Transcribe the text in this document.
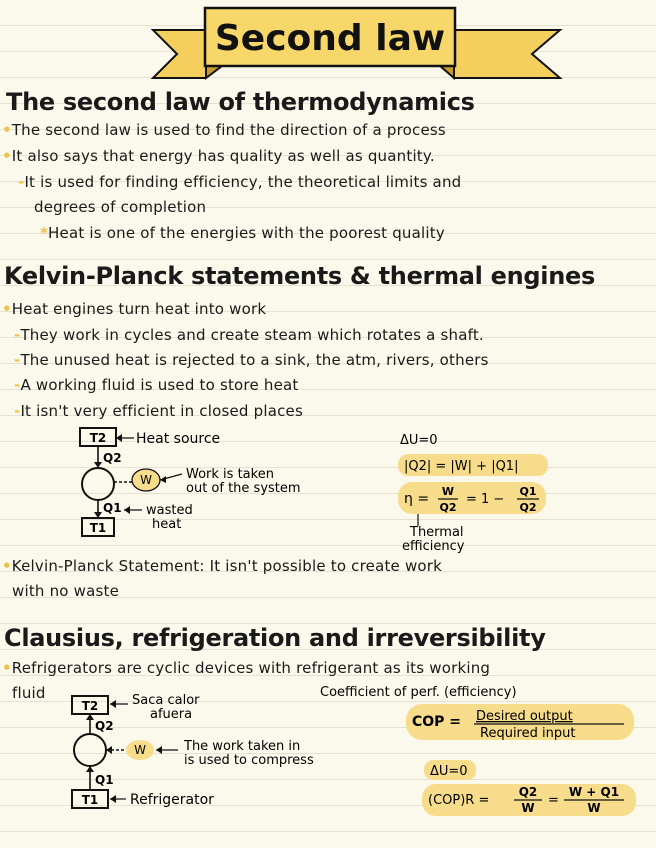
Second law
The second law of thermodynamics
•The second law is used to find the direction of a process
•It also says that energy has quality as well as quantity.
-It is used for finding efficiency, the theoretical limits and
degrees of completion
*Heat is one of the energies with the poorest quality
Kelvin-Planck statements & thermal engines
•Heat engines turn heat into work
-They work in cycles and create steam which rotates a shaft.
-The unused heat is rejected to a sink, the atm, rivers, others
-A working fluid is used to store heat
-It isn't very efficient in closed places
T2
Q2
W
Q1
T1
Heat source
Work is taken
out of the system
wasted
heat
ΔU=0
|Q2| = |W| + |Q1|
η = W
Q2
= 1 −
Q1
Q2
Thermal
efficiency
•Kelvin-Planck Statement: It isn't possible to create work
with no waste
Clausius, refrigeration and irreversibility
•Refrigerators are cyclic devices with refrigerant as its working
fluid
T2	Saca calor
afuera
Q2
W	The work taken in
is used to compress
Q1
T1 Refrigerator
Coefficient of perf. (efficiency)
COP = Desired output
Required input
ΔU=0
(COP)R =
Q2
W =
W + Q1
W
